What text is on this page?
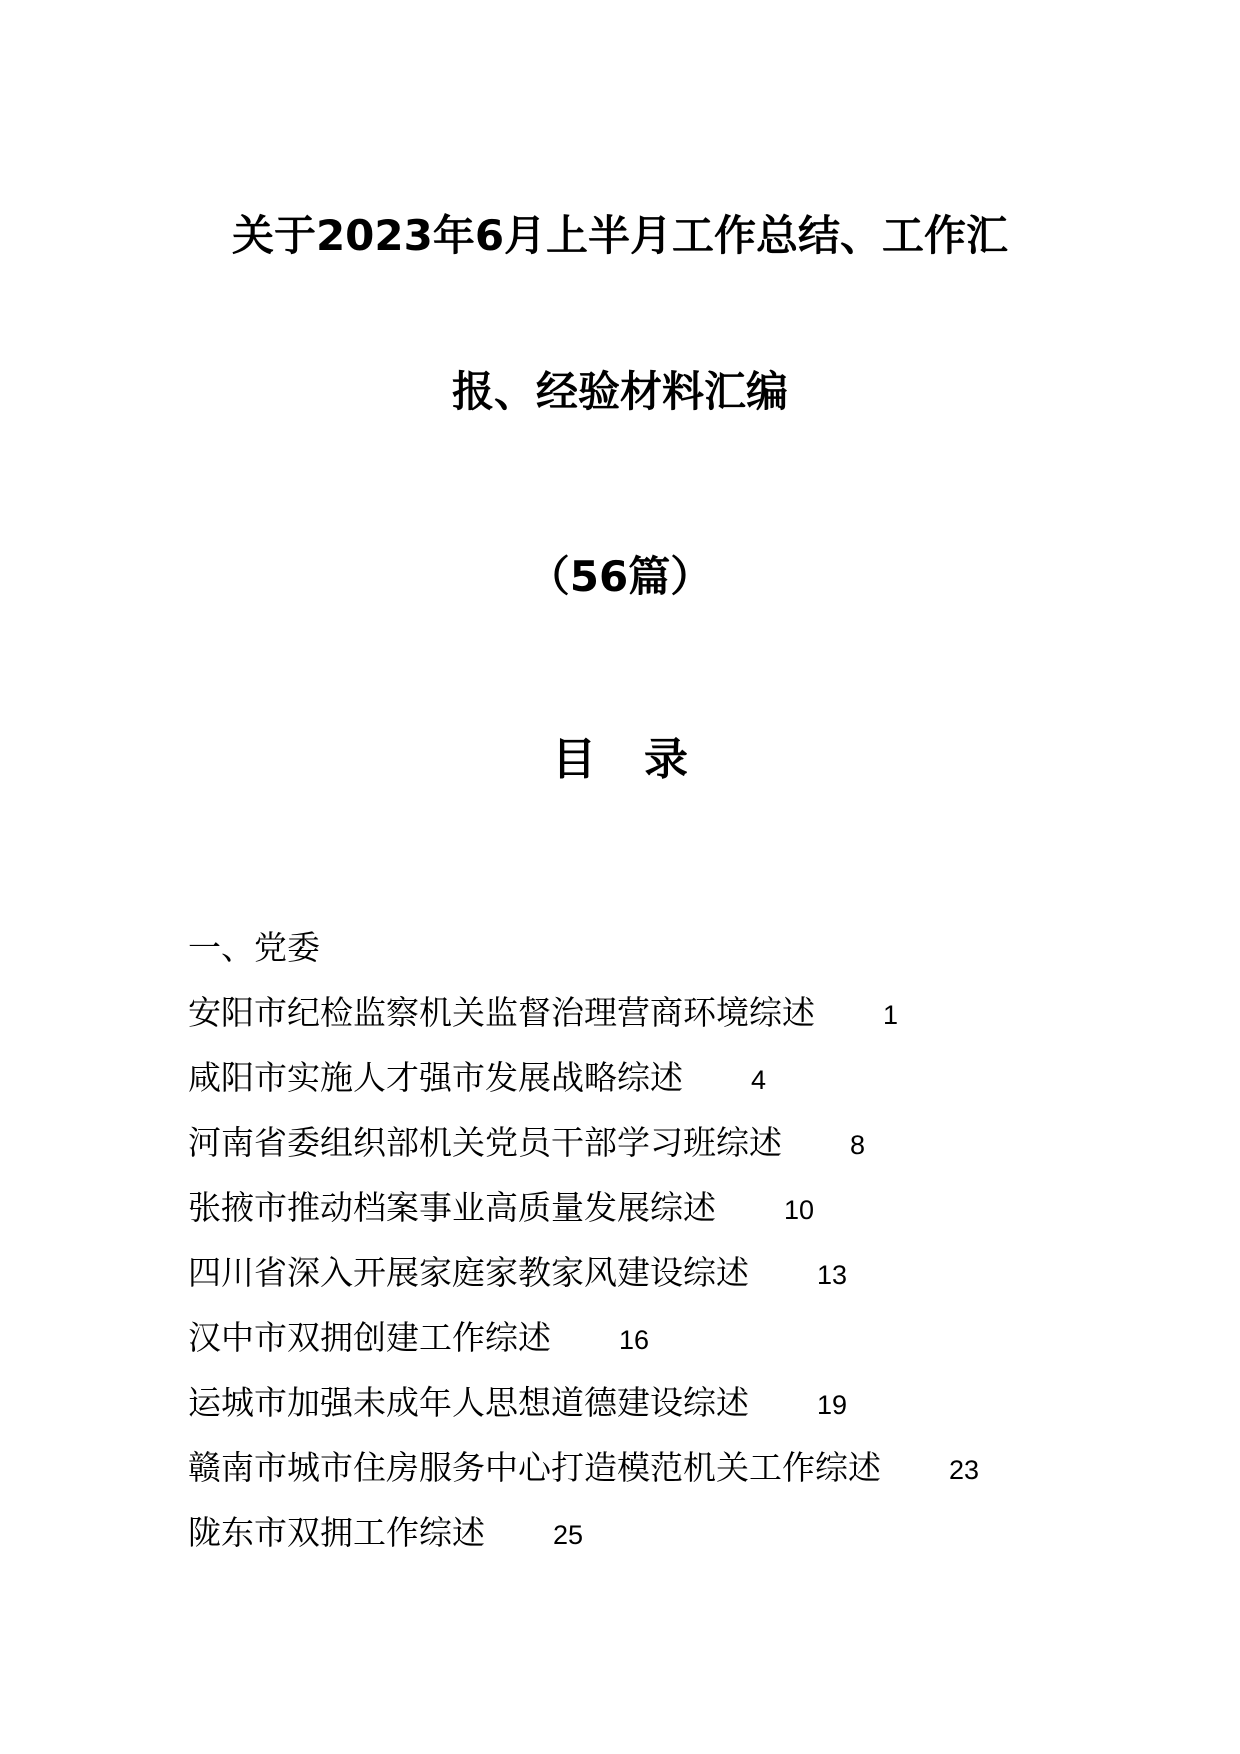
关于2023年6月上半月工作总结、工作汇
报、经验材料汇编
（56篇）
目录
一、党委
安阳市纪检监察机关监督治理营商环境综述	1
咸阳市实施人才强市发展战略综述	4
河南省委组织部机关党员干部学习班综述	8
张掖市推动档案事业高质量发展综述	10
四川省深入开展家庭家教家风建设综述	13
汉中市双拥创建工作综述	16
运城市加强未成年人思想道德建设综述	19
赣南市城市住房服务中心打造模范机关工作综述	23
陇东市双拥工作综述	25
